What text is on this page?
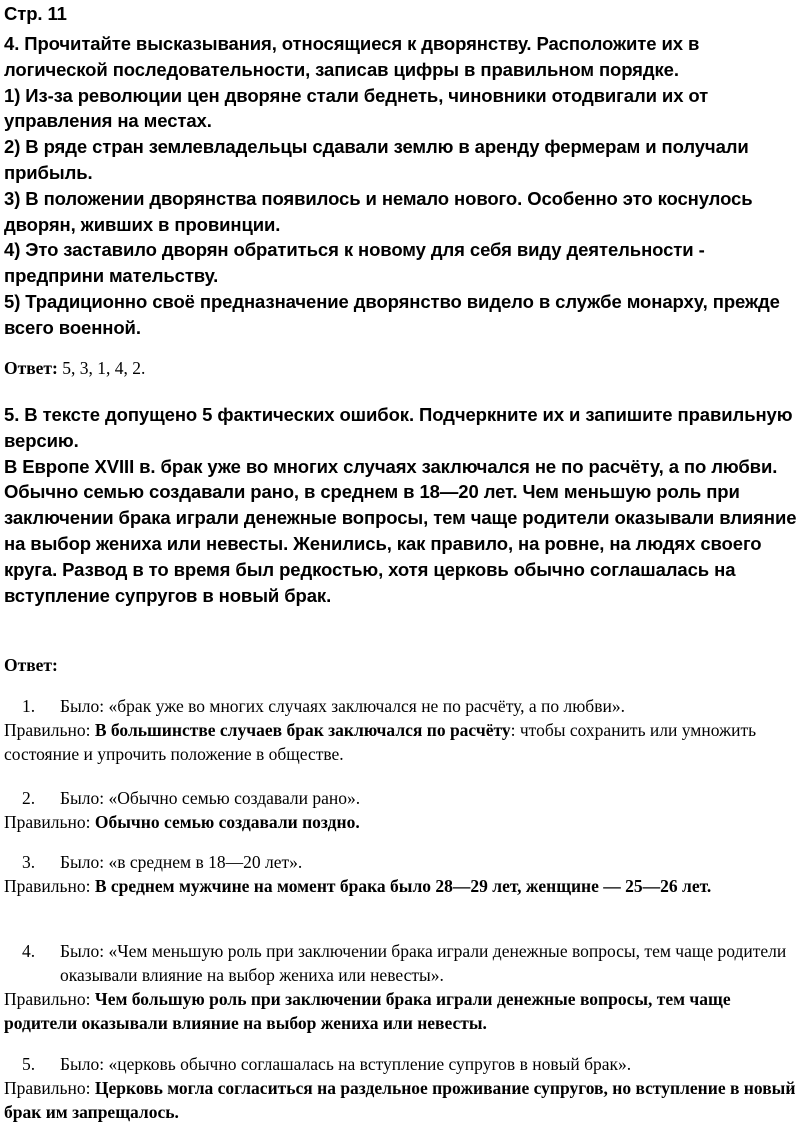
Стр. 11

4. Прочитайте высказывания, относящиеся к дворянству. Расположите их в логической последовательности, записав цифры в правильном порядке.
1) Из-за революции цен дворяне стали беднеть, чиновники отодвигали их от управления на местах.
2) В ряде стран землевладельцы сдавали землю в аренду фермерам и получали прибыль.
3) В положении дворянства появилось и немало нового. Особенно это коснулось дворян, живших в провинции.
4) Это заставило дворян обратиться к новому для себя виду деятельности - предприни мательству.
5) Традиционно своё предназначение дворянство видело в службе монарху, прежде всего военной.
Ответ: 5, 3, 1, 4, 2.
5. В тексте допущено 5 фактических ошибок. Подчеркните их и запишите правильную версию.
В Европе XVIII в. брак уже во многих случаях заключался не по расчёту, а по любви.
Обычно семью создавали рано, в среднем в 18—20 лет. Чем меньшую роль при заключении брака играли денежные вопросы, тем чаще родители оказывали влияние на выбор жениха или невесты. Женились, как правило, на ровне, на людях своего круга. Развод в то время был редкостью, хотя церковь обычно соглашалась на вступление супругов в новый брак.
Ответ:
1. Было: «брак уже во многих случаях заключался не по расчёту, а по любви».
Правильно: В большинстве случаев брак заключался по расчёту: чтобы сохранить или умножить состояние и упрочить положение в обществе.
2. Было: «Обычно семью создавали рано».
Правильно: Обычно семью создавали поздно.
3. Было: «в среднем в 18—20 лет».
Правильно: В среднем мужчине на момент брака было 28—29 лет, женщине — 25—26 лет.
4. Было: «Чем меньшую роль при заключении брака играли денежные вопросы, тем чаще родители оказывали влияние на выбор жениха или невесты».
Правильно: Чем большую роль при заключении брака играли денежные вопросы, тем чаще родители оказывали влияние на выбор жениха или невесты.
5. Было: «церковь обычно соглашалась на вступление супругов в новый брак».
Правильно: Церковь могла согласиться на раздельное проживание супругов, но вступление в новый брак им запрещалось.
